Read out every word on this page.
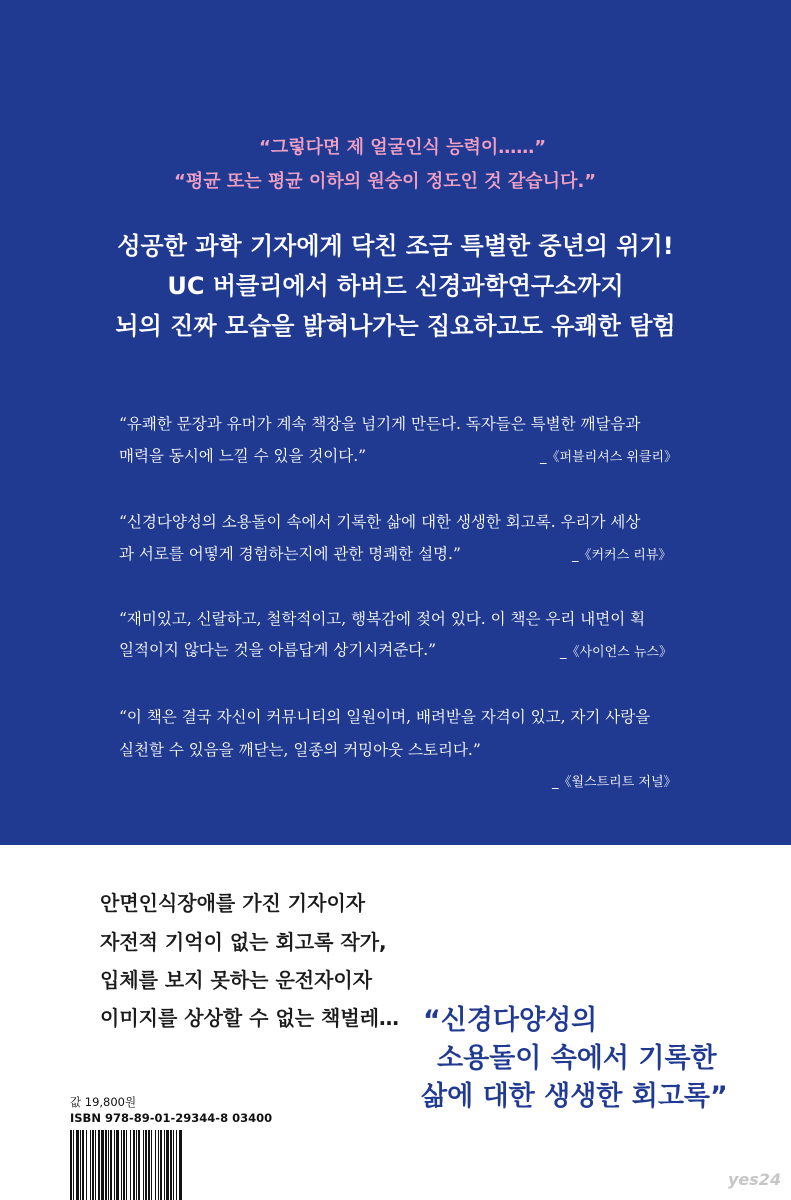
“그렇다면 제 얼굴인식 능력이……”
“평균 또는 평균 이하의 원숭이 정도인 것 같습니다.”
성공한 과학 기자에게 닥친 조금 특별한 중년의 위기!
UC 버클리에서 하버드 신경과학연구소까지
뇌의 진짜 모습을 밝혀나가는 집요하고도 유쾌한 탐험
“유쾌한 문장과 유머가 계속 책장을 넘기게 만든다. 독자들은 특별한 깨달음과
매력을 동시에 느낄 수 있을 것이다.”	_《퍼블리셔스 위클리》
“신경다양성의 소용돌이 속에서 기록한 삶에 대한 생생한 회고록. 우리가 세상
과 서로를 어떻게 경험하는지에 관한 명쾌한 설명.”	_《커커스 리뷰》
“재미있고, 신랄하고, 철학적이고, 행복감에 젖어 있다. 이 책은 우리 내면이 획
일적이지 않다는 것을 아름답게 상기시켜준다.”	_《사이언스 뉴스》
“이 책은 결국 자신이 커뮤니티의 일원이며, 배려받을 자격이 있고, 자기 사랑을
실천할 수 있음을 깨닫는, 일종의 커밍아웃 스토리다.”
_《월스트리트 저널》
안면인식장애를 가진 기자이자
자전적 기억이 없는 회고록 작가,
입체를 보지 못하는 운전자이자
이미지를 상상할 수 없는 책벌레… “신경다양성의
소용돌이 속에서 기록한
삶에 대한 생생한 회고록”
값 19,800원
ISBN 978-89-01-29344-8 03400
yes24
